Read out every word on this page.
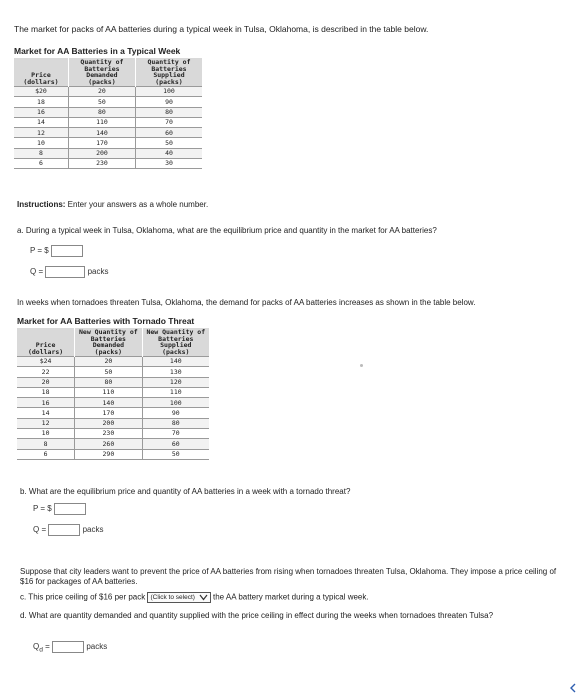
The market for packs of AA batteries during a typical week in Tulsa, Oklahoma, is described in the table below.
Market for AA Batteries in a Typical Week
Price (dollars)	Quantity of Batteries Demanded (packs)	Quantity of Batteries Supplied (packs)
$20	20	100
18	50	90
16	80	80
14	110	70
12	140	60
10	170	50
8	200	40
6	230	30
Instructions: Enter your answers as a whole number.
a. During a typical week in Tulsa, Oklahoma, what are the equilibrium price and quantity in the market for AA batteries?
P = $
Q =	packs
In weeks when tornadoes threaten Tulsa, Oklahoma, the demand for packs of AA batteries increases as shown in the table below.
Market for AA Batteries with Tornado Threat
Price (dollars)	New Quantity of Batteries Demanded (packs)	New Quantity of Batteries Supplied (packs)
$24	20	140
22	50	130
20	80	120
18	110	110
16	140	100
14	170	90
12	200	80
10	230	70
8	260	60
6	290	50
b. What are the equilibrium price and quantity of AA batteries in a week with a tornado threat?
P = $
Q =	packs
Suppose that city leaders want to prevent the price of AA batteries from rising when tornadoes threaten Tulsa, Oklahoma. They impose a price ceiling of $16 for packages of AA batteries.
c. This price ceiling of $16 per pack (Click to select) the AA battery market during a typical week.
d. What are quantity demanded and quantity supplied with the price ceiling in effect during the weeks when tornadoes threaten Tulsa?
$Q_d$ =	packs
